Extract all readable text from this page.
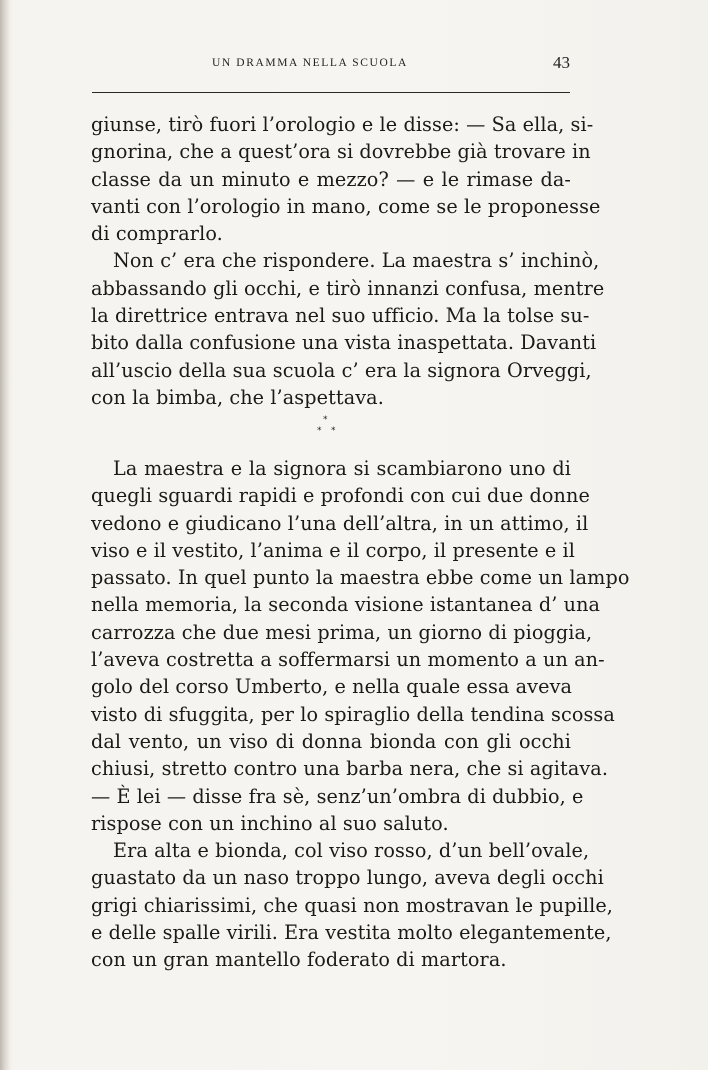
UN DRAMMA NELLA SCUOLA	43
giunse, tirò fuori l’orologio e le disse: — Sa ella, si-
gnorina, che a quest’ora si dovrebbe già trovare in
classe da un minuto e mezzo? — e le rimase da-
vanti con l’orologio in mano, come se le proponesse
di comprarlo.
Non c’ era che rispondere. La maestra s’ inchinò,
abbassando gli occhi, e tirò innanzi confusa, mentre
la direttrice entrava nel suo ufficio. Ma la tolse su-
bito dalla confusione una vista inaspettata. Davanti
all’uscio della sua scuola c’ era la signora Orveggi,
con la bimba, che l’aspettava.
*
* *
La maestra e la signora si scambiarono uno di
quegli sguardi rapidi e profondi con cui due donne
vedono e giudicano l’una dell’altra, in un attimo, il
viso e il vestito, l’anima e il corpo, il presente e il
passato. In quel punto la maestra ebbe come un lampo
nella memoria, la seconda visione istantanea d’ una
carrozza che due mesi prima, un giorno di pioggia,
l’aveva costretta a soffermarsi un momento a un an-
golo del corso Umberto, e nella quale essa aveva
visto di sfuggita, per lo spiraglio della tendina scossa
dal vento, un viso di donna bionda con gli occhi
chiusi, stretto contro una barba nera, che si agitava.
— È lei — disse fra sè, senz’un’ombra di dubbio, e
rispose con un inchino al suo saluto.
Era alta e bionda, col viso rosso, d’un bell’ovale,
guastato da un naso troppo lungo, aveva degli occhi
grigi chiarissimi, che quasi non mostravan le pupille,
e delle spalle virili. Era vestita molto elegantemente,
con un gran mantello foderato di martora.
